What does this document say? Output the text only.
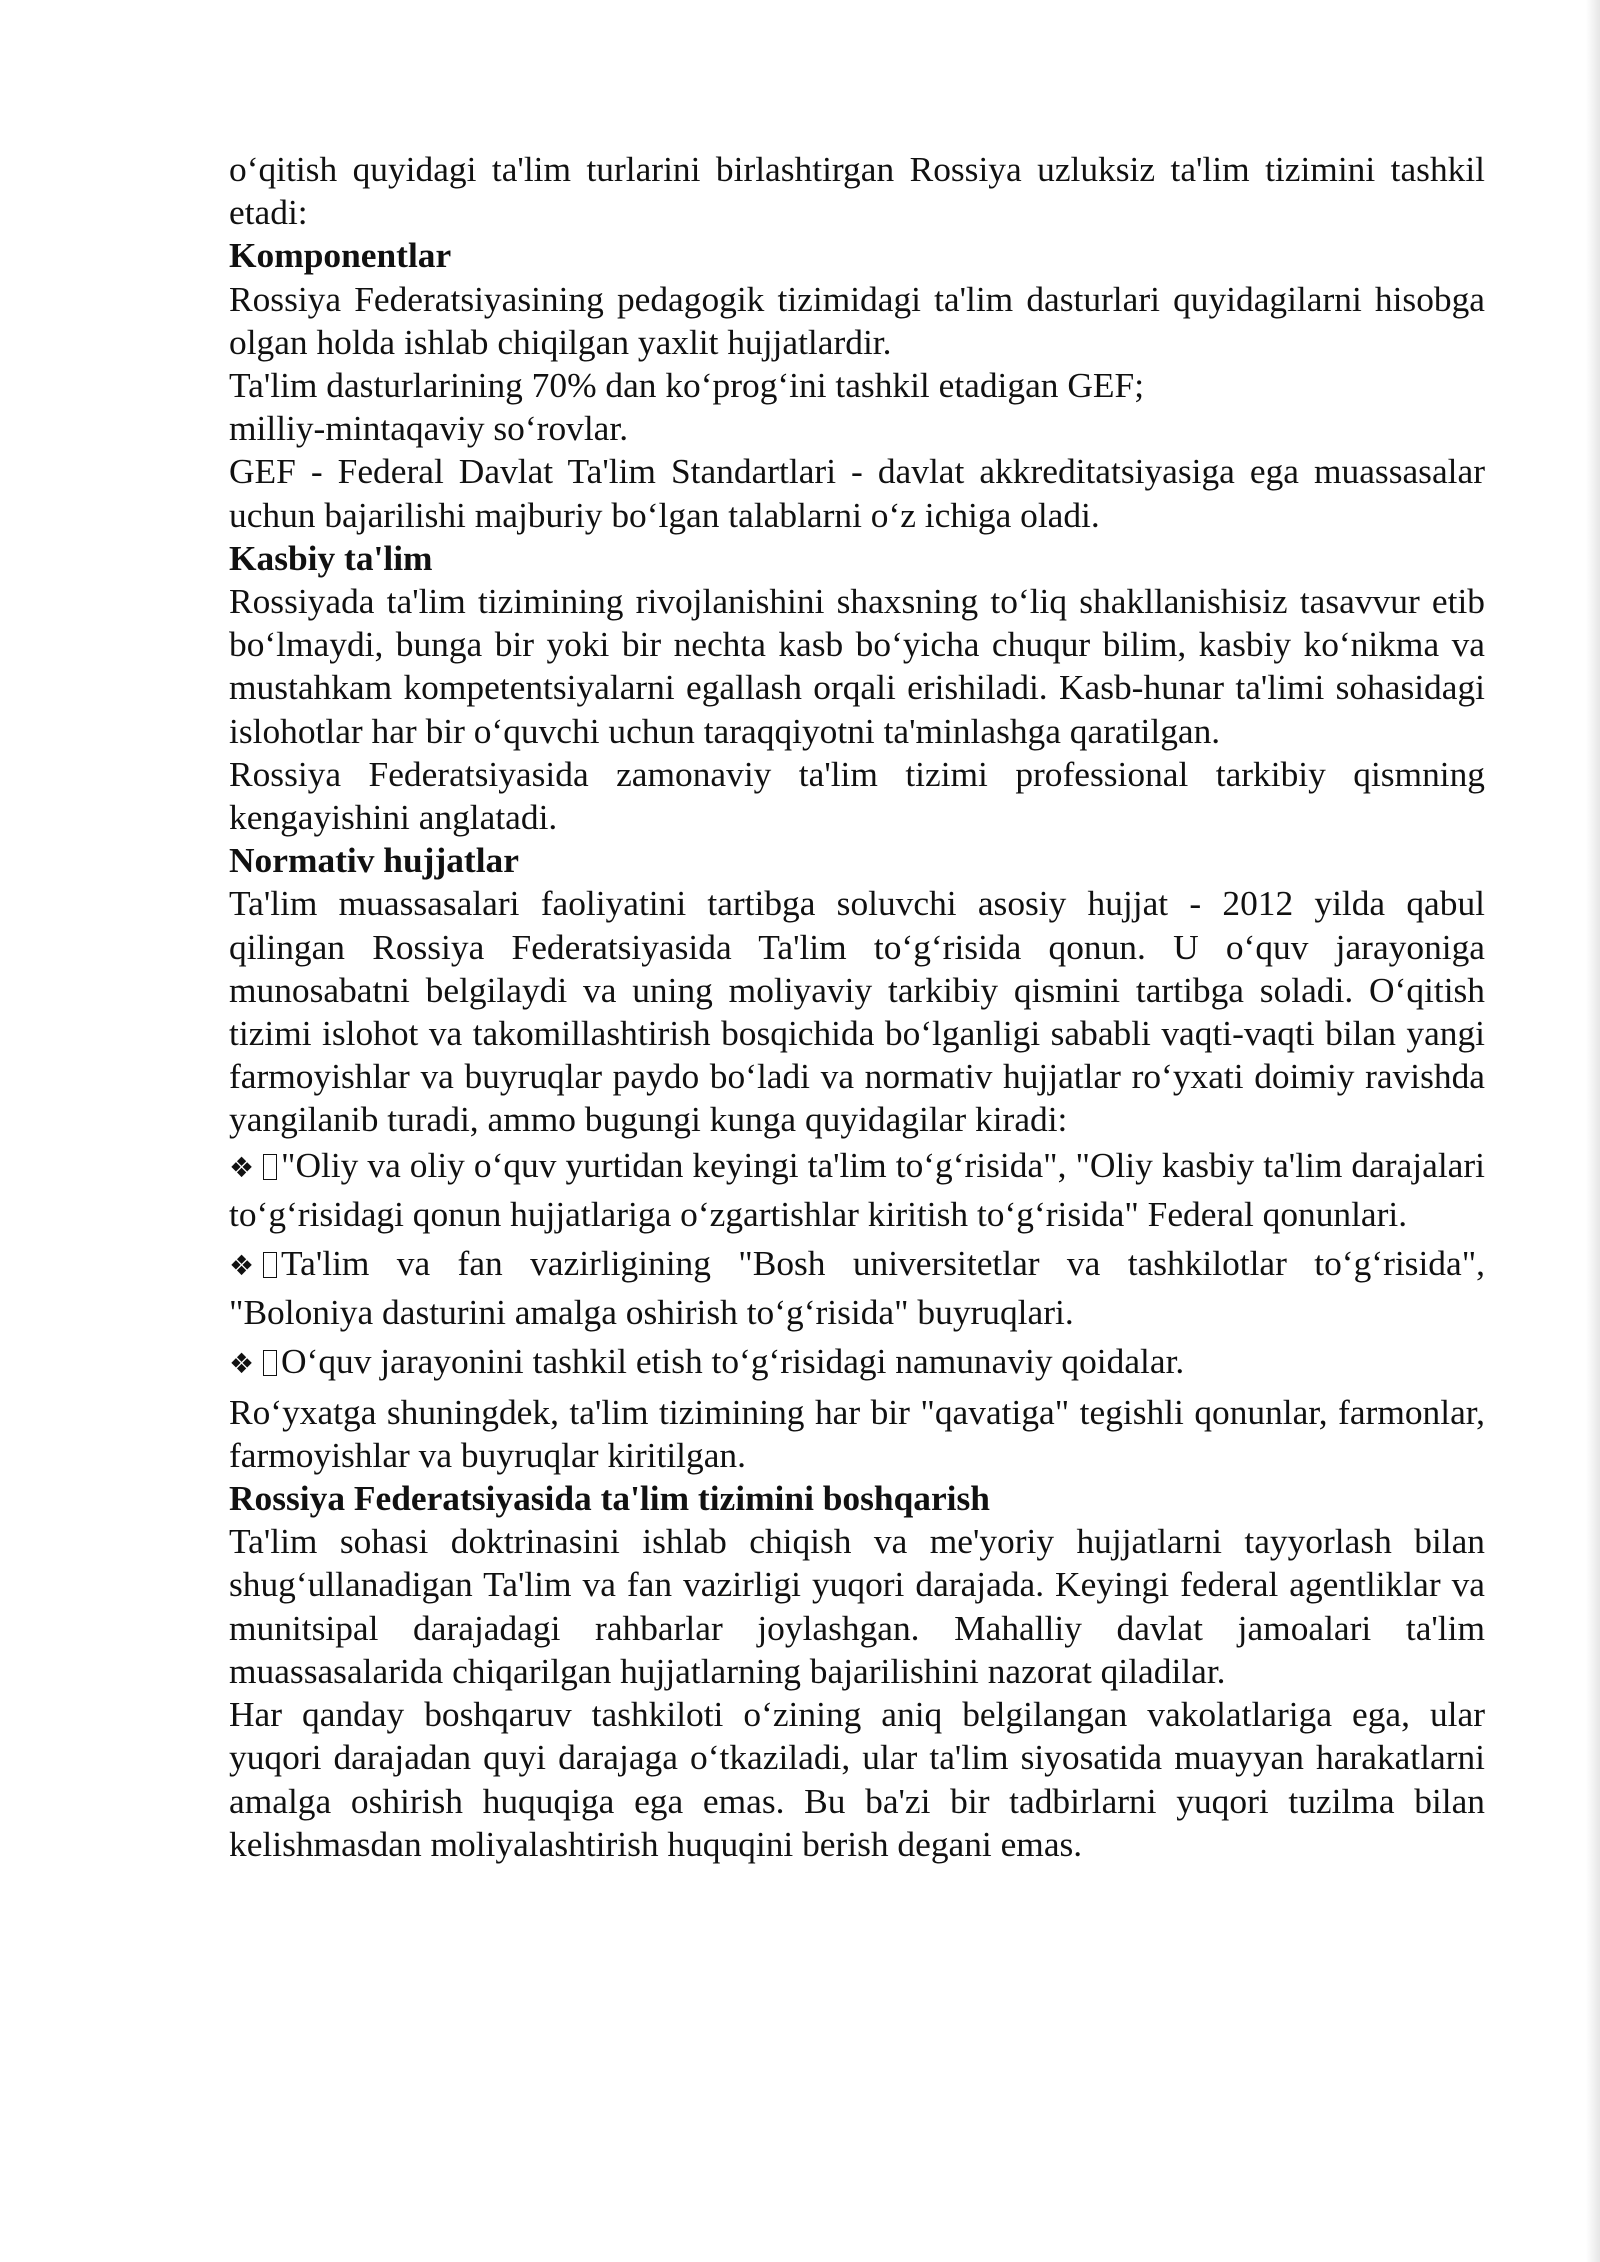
oʻqitish quyidagi ta'lim turlarini birlashtirgan Rossiya uzluksiz ta'lim tizimini tashkil etadi:

Komponentlar

Rossiya Federatsiyasining pedagogik tizimidagi ta'lim dasturlari quyidagilarni hisobga olgan holda ishlab chiqilgan yaxlit hujjatlardir.

Ta'lim dasturlarining 70% dan koʻprogʻini tashkil etadigan GEF;

milliy-mintaqaviy soʻrovlar.

GEF - Federal Davlat Ta'lim Standartlari - davlat akkreditatsiyasiga ega muassasalar uchun bajarilishi majburiy boʻlgan talablarni oʻz ichiga oladi.

Kasbiy ta'lim

Rossiyada ta'lim tizimining rivojlanishini shaxsning toʻliq shakllanishisiz tasavvur etib boʻlmaydi, bunga bir yoki bir nechta kasb boʻyicha chuqur bilim, kasbiy koʻnikma va mustahkam kompetentsiyalarni egallash orqali erishiladi. Kasb-hunar ta'limi sohasidagi islohotlar har bir oʻquvchi uchun taraqqiyotni ta'minlashga qaratilgan.

Rossiya Federatsiyasida zamonaviy ta'lim tizimi professional tarkibiy qismning kengayishini anglatadi.

Normativ hujjatlar

Ta'lim muassasalari faoliyatini tartibga soluvchi asosiy hujjat - 2012 yilda qabul qilingan Rossiya Federatsiyasida Ta'lim toʻgʻrisida qonun. U oʻquv jarayoniga munosabatni belgilaydi va uning moliyaviy tarkibiy qismini tartibga soladi. Oʻqitish tizimi islohot va takomillashtirish bosqichida boʻlganligi sababli vaqti-vaqti bilan yangi farmoyishlar va buyruqlar paydo boʻladi va normativ hujjatlar roʻyxati doimiy ravishda yangilanib turadi, ammo bugungi kunga quyidagilar kiradi:

❖ "Oliy va oliy oʻquv yurtidan keyingi ta'lim toʻgʻrisida", "Oliy kasbiy ta'lim darajalari toʻgʻrisidagi qonun hujjatlariga oʻzgartishlar kiritish toʻgʻrisida" Federal qonunlari.

❖ Ta'lim va fan vazirligining "Bosh universitetlar va tashkilotlar toʻgʻrisida", "Boloniya dasturini amalga oshirish toʻgʻrisida" buyruqlari.

❖ Oʻquv jarayonini tashkil etish toʻgʻrisidagi namunaviy qoidalar.

Roʻyxatga shuningdek, ta'lim tizimining har bir "qavatiga" tegishli qonunlar, farmonlar, farmoyishlar va buyruqlar kiritilgan.

Rossiya Federatsiyasida ta'lim tizimini boshqarish

Ta'lim sohasi doktrinasini ishlab chiqish va me'yoriy hujjatlarni tayyorlash bilan shugʻullanadigan Ta'lim va fan vazirligi yuqori darajada. Keyingi federal agentliklar va munitsipal darajadagi rahbarlar joylashgan. Mahalliy davlat jamoalari ta'lim muassasalarida chiqarilgan hujjatlarning bajarilishini nazorat qiladilar.

Har qanday boshqaruv tashkiloti oʻzining aniq belgilangan vakolatlariga ega, ular yuqori darajadan quyi darajaga oʻtkaziladi, ular ta'lim siyosatida muayyan harakatlarni amalga oshirish huquqiga ega emas. Bu ba'zi bir tadbirlarni yuqori tuzilma bilan kelishmasdan moliyalashtirish huquqini berish degani emas.
